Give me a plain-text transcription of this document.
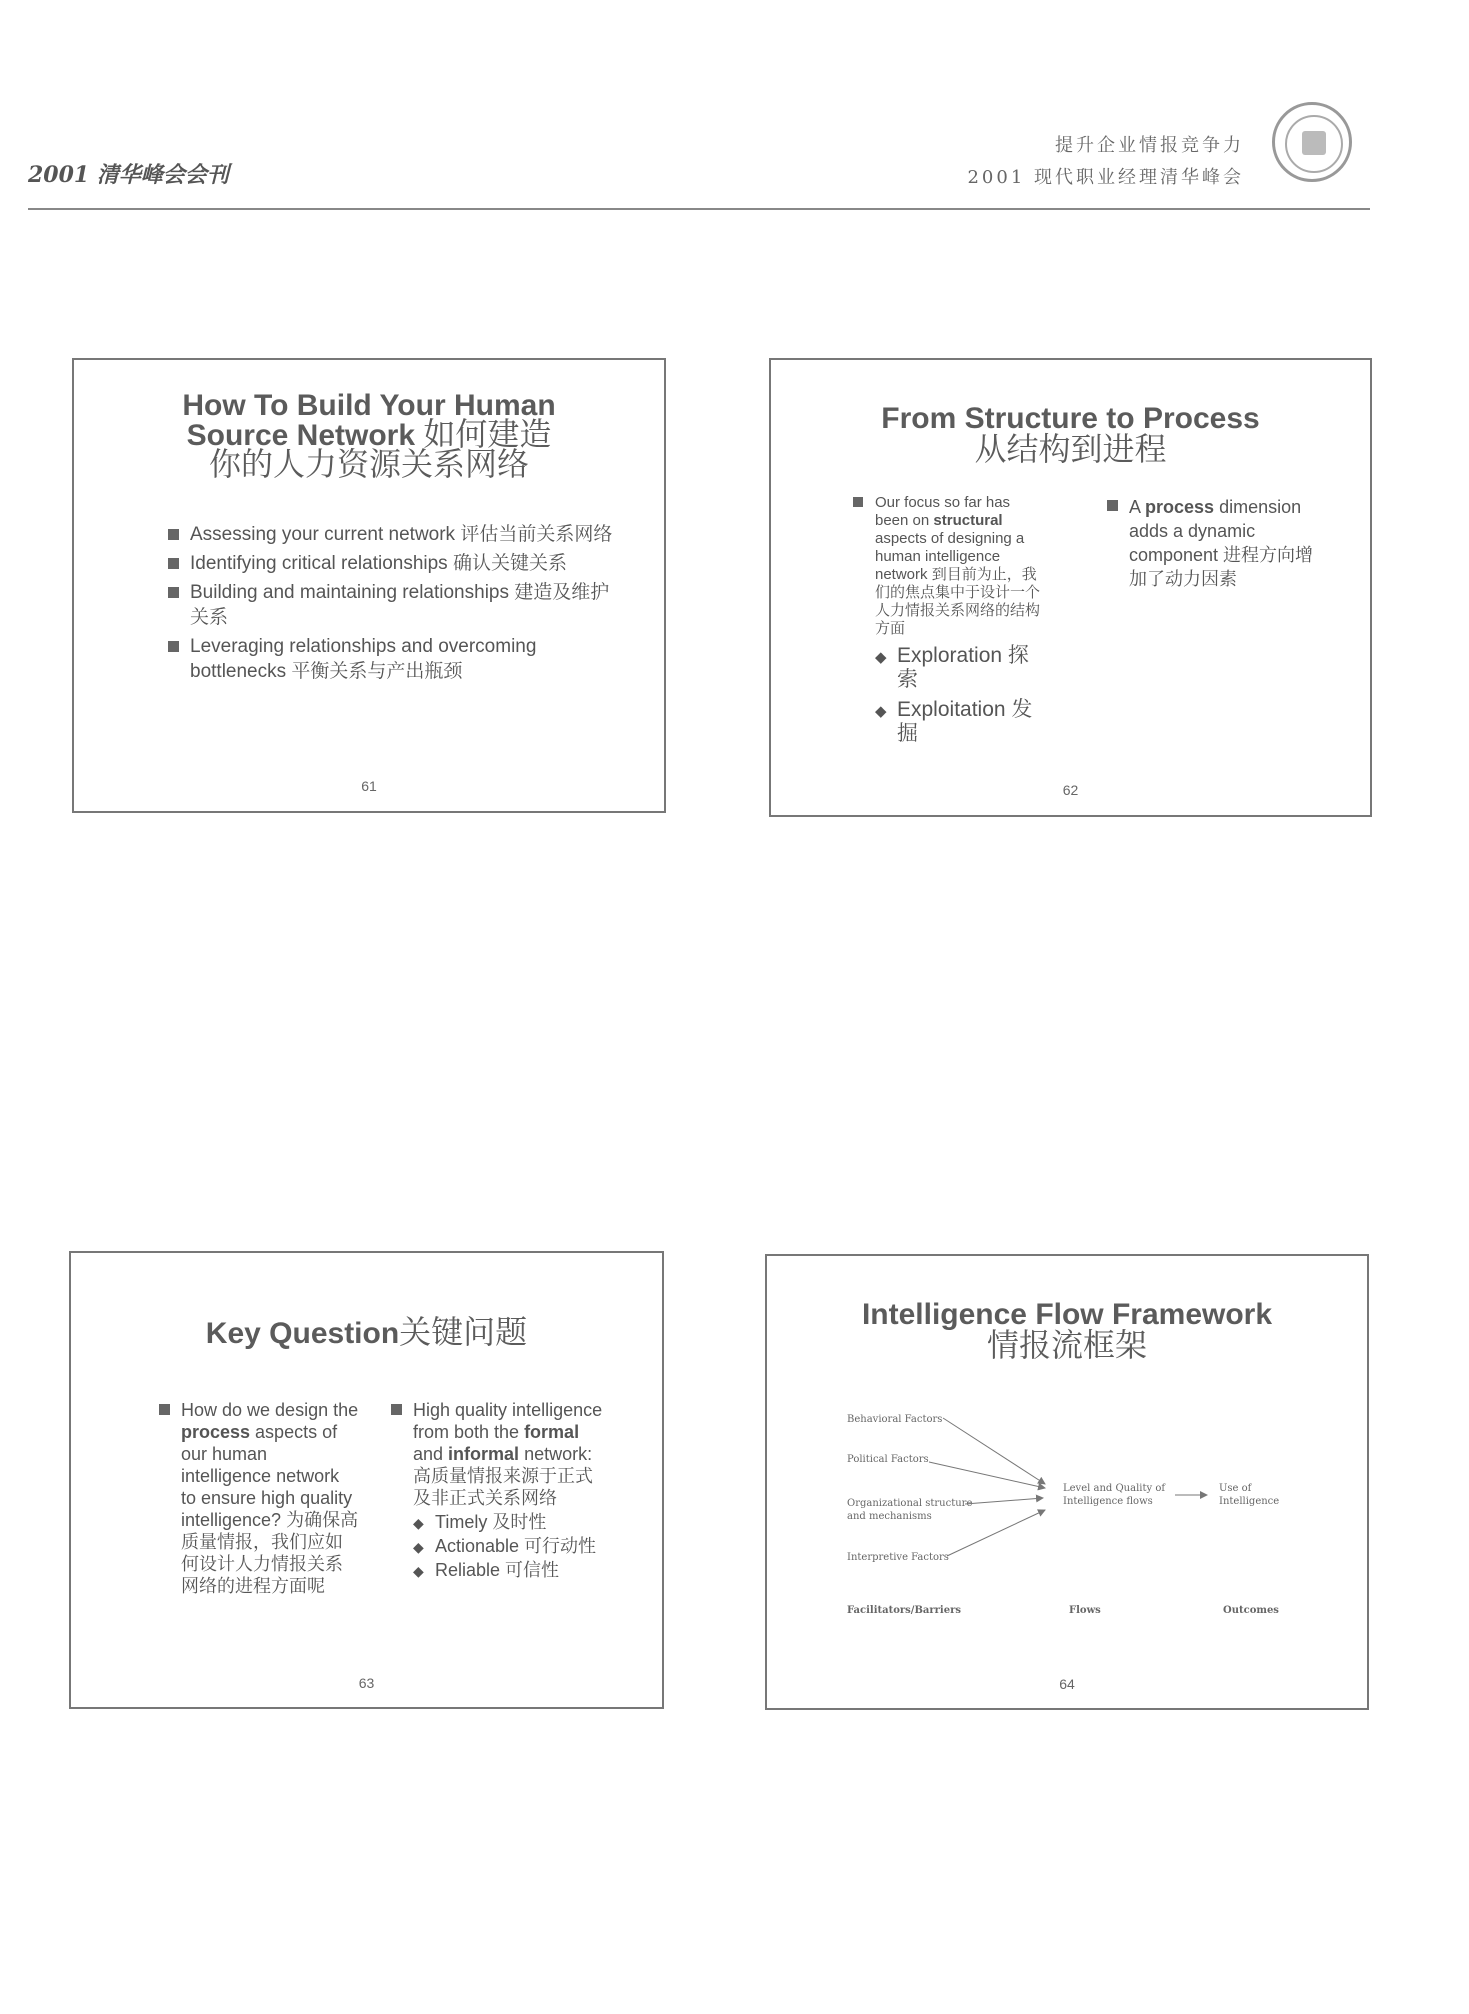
2001 清华峰会会刊
提升企业情报竞争力
2001 现代职业经理清华峰会
How To Build Your Human
Source Network 如何建造
你的人力资源关系网络
Assessing your current network 评估当前关系网络
Identifying critical relationships 确认关键关系
Building and maintaining relationships 建造及维护关系
Leveraging relationships and overcoming bottlenecks 平衡关系与产出瓶颈
61
From Structure to Process
从结构到进程
Our focus so far has been on structural aspects of designing a human intelligence network 到目前为止，我们的焦点集中于设计一个人力情报关系网络的结构方面
◆ Exploration 探索
◆ Exploitation 发掘
A process dimension adds a dynamic component 进程方向增加了动力因素
62
Key Question关键问题
How do we design the process aspects of our human intelligence network to ensure high quality intelligence? 为确保高质量情报，我们应如何设计人力情报关系网络的进程方面呢
High quality intelligence from both the formal and informal network: 高质量情报来源于正式及非正式关系网络
◆ Timely 及时性
◆ Actionable 可行动性
◆ Reliable 可信性
63
Intelligence Flow Framework
情报流框架
Behavioral Factors
Political Factors
Organizational structure
and mechanisms
Interpretive Factors
Level and Quality of
Intelligence flows
Use of
Intelligence
Facilitators/Barriers	Flows	Outcomes
64
